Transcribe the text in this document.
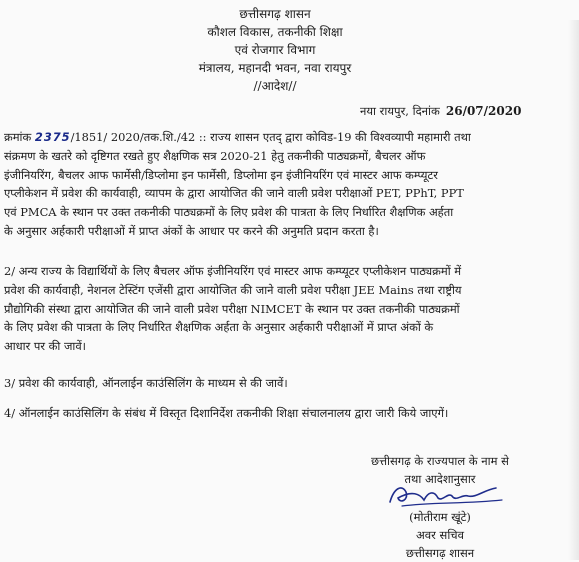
छत्तीसगढ़ शासन
कौशल विकास, तकनीकी शिक्षा
एवं रोजगार विभाग
मंत्रालय, महानदी भवन, नवा रायपुर
//आदेश//
नया रायपुर, दिनांक 26/07/2020
क्रमांक 2375/1851/ 2020/तक.शि./42 :: राज्य शासन एतद् द्वारा कोविड-19 की विश्वव्यापी महामारी तथा
संक्रमण के खतरे को दृष्टिगत रखते हुए शैक्षणिक सत्र 2020-21 हेतु तकनीकी पाठ्यक्रमों, बैचलर ऑफ
इंजीनियरिंग, बैचलर आफ फार्मेसी/डिप्लोमा इन फार्मेसी, डिप्लोमा इन इंजीनियरिंग एवं मास्टर आफ कम्प्यूटर
एप्लीकेशन में प्रवेश की कार्यवाही, व्यापम के द्वारा आयोजित की जाने वाली प्रवेश परीक्षाओं PET, PPhT, PPT
एवं PMCA के स्थान पर उक्त तकनीकी पाठ्यक्रमों के लिए प्रवेश की पात्रता के लिए निर्धारित शैक्षणिक अर्हता
के अनुसार अर्हकारी परीक्षाओं में प्राप्त अंकों के आधार पर करने की अनुमति प्रदान करता है।
2/ अन्य राज्य के विद्यार्थियों के लिए बैचलर ऑफ इंजीनियरिंग एवं मास्टर आफ कम्प्यूटर एप्लीकेशन पाठ्यक्रमों में
प्रवेश की कार्यवाही, नेशनल टेस्टिंग एजेंसी द्वारा आयोजित की जाने वाली प्रवेश परीक्षा JEE Mains तथा राष्ट्रीय
प्रौद्योगिकी संस्था द्वारा आयोजित की जाने वाली प्रवेश परीक्षा NIMCET के स्थान पर उक्त तकनीकी पाठ्यक्रमों
के लिए प्रवेश की पात्रता के लिए निर्धारित शैक्षणिक अर्हता के अनुसार अर्हकारी परीक्षाओं में प्राप्त अंकों के
आधार पर की जावें।
3/ प्रवेश की कार्यवाही, ऑनलाईन काउंसिलिंग के माध्यम से की जावें।
4/ ऑनलाईन काउंसिलिंग के संबंध में विस्तृत दिशानिर्देश तकनीकी शिक्षा संचालनालय द्वारा जारी किये जाएगें।
छत्तीसगढ़ के राज्यपाल के नाम से
तथा आदेशानुसार
(मोतीराम खूंटे)
अवर सचिव
छत्तीसगढ़ शासन
